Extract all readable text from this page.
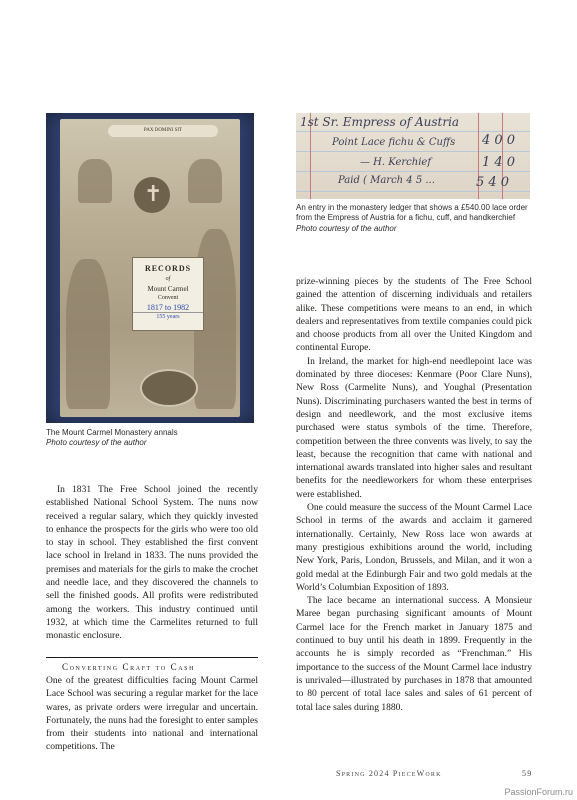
PAX DOMINI SIT
✝
RECORDS
of
Mount Carmel
Convent
1817 to 1982
155 years
1st Sr. Empress of Austria
Point Lace fichu & Cuffs
— H. Kerchief
Paid ( March 4 5 ...
4 0 0
1 4 0
5 4 0

An entry in the monastery ledger that shows a £540.00 lace order from the Empress of Austria for a fichu, cuff, and handkerchief
Photo courtesy of the author

The Mount Carmel Monastery annals
Photo courtesy of the author

In 1831 The Free School joined the recently established National School System. The nuns now received a regular salary, which they quickly invested to enhance the prospects for the girls who were too old to stay in school. They established the first convent lace school in Ireland in 1833. The nuns provided the premises and materials for the girls to make the crochet and needle lace, and they discovered the channels to sell the finished goods. All profits were redistributed among the workers. This industry continued until 1932, at which time the Carmelites returned to full monastic enclosure.

Converting Craft to Cash

One of the greatest difficulties facing Mount Carmel Lace School was securing a regular market for the lace wares, as private orders were irregular and uncertain. Fortunately, the nuns had the foresight to enter samples from their students into national and international competitions. The

prize-winning pieces by the students of The Free School gained the attention of discerning individuals and retailers alike. These competitions were means to an end, in which dealers and representatives from textile companies could pick and choose products from all over the United Kingdom and continental Europe.

In Ireland, the market for high-end needlepoint lace was dominated by three dioceses: Kenmare (Poor Clare Nuns), New Ross (Carmelite Nuns), and Youghal (Presentation Nuns). Discriminating purchasers wanted the best in terms of design and needlework, and the most exclusive items purchased were status symbols of the time. Therefore, competition between the three convents was lively, to say the least, because the recognition that came with national and international awards translated into higher sales and resultant benefits for the needleworkers for whom these enterprises were established.

One could measure the success of the Mount Carmel Lace School in terms of the awards and acclaim it garnered internationally. Certainly, New Ross lace won awards at many prestigious exhibitions around the world, including New York, Paris, London, Brussels, and Milan, and it won a gold medal at the Edinburgh Fair and two gold medals at the World’s Columbian Exposition of 1893.

The lace became an international success. A Monsieur Maree began purchasing significant amounts of Mount Carmel lace for the French market in January 1875 and continued to buy until his death in 1899. Frequently in the accounts he is simply recorded as “Frenchman.” His importance to the success of the Mount Carmel lace industry is unrivaled—illustrated by purchases in 1878 that amounted to 80 percent of total lace sales and sales of 61 percent of total lace sales during 1880.

Spring 2024 PieceWork	59
PassionForum.ru
